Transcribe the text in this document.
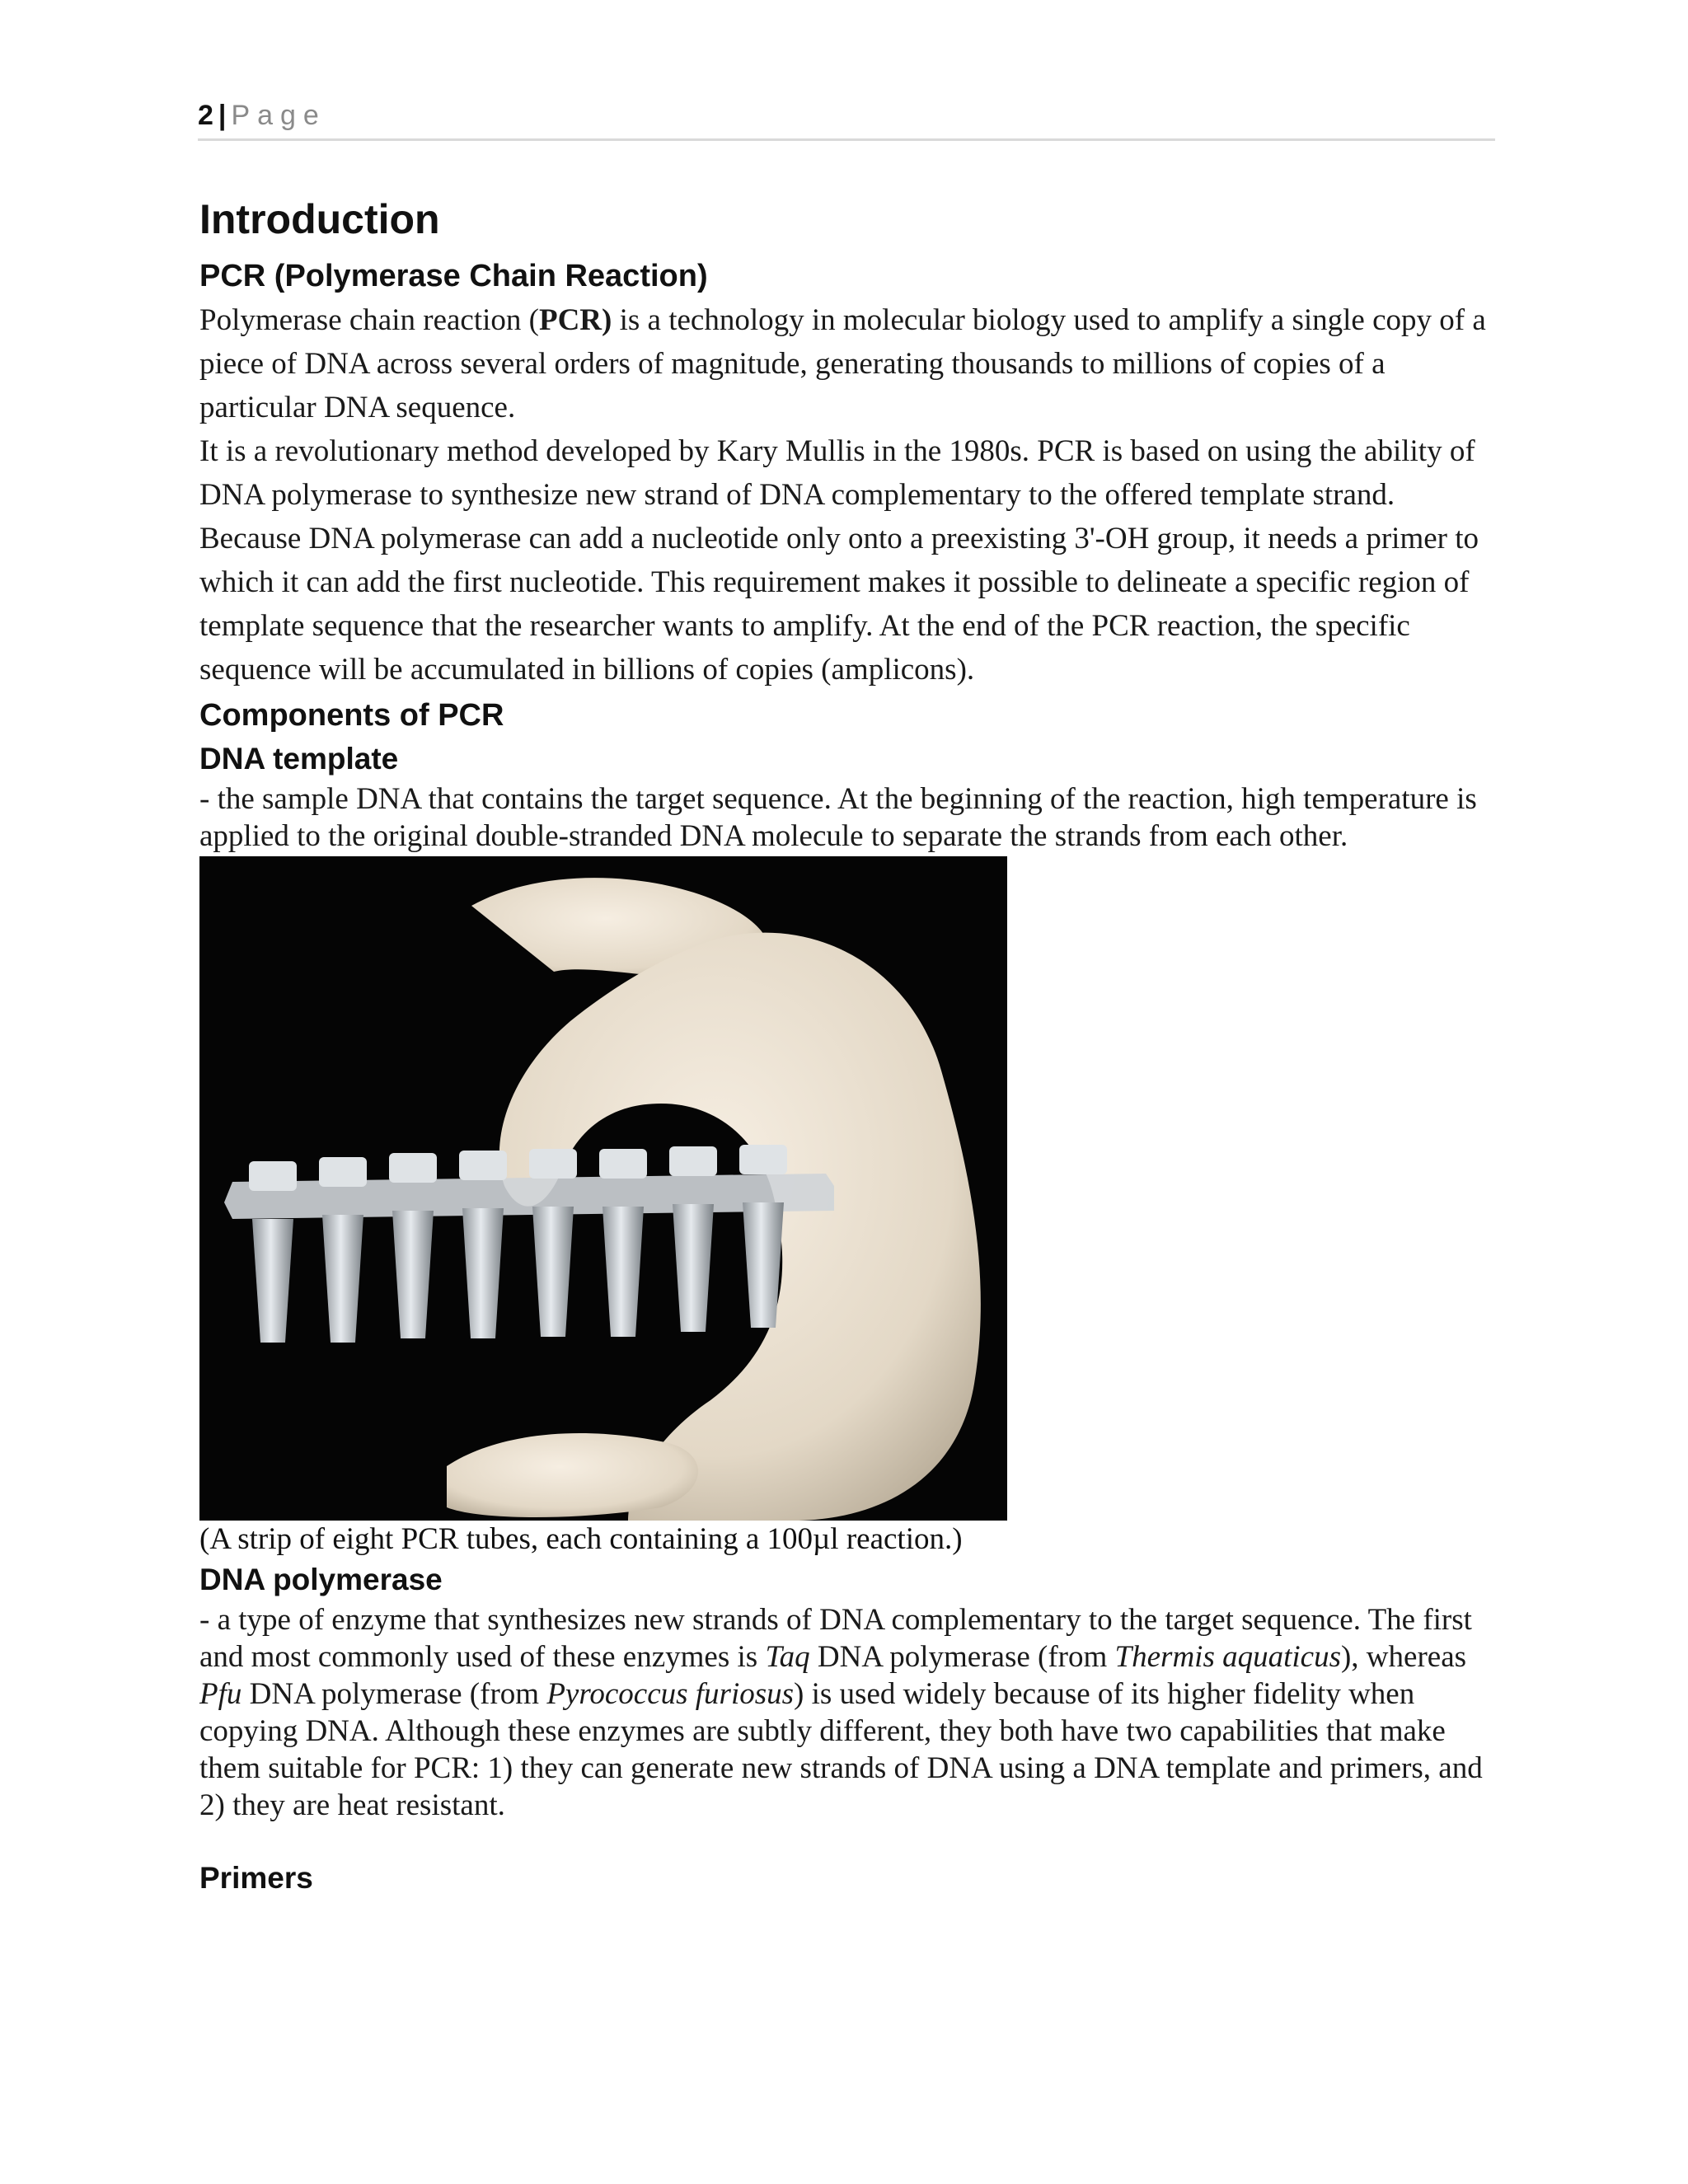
2 | Page
Introduction
PCR (Polymerase Chain Reaction)

Polymerase chain reaction (PCR) is a technology in molecular biology used to amplify a single copy of a piece of DNA across several orders of magnitude, generating thousands to millions of copies of a particular DNA sequence.

It is a revolutionary method developed by Kary Mullis in the 1980s. PCR is based on using the ability of DNA polymerase to synthesize new strand of DNA complementary to the offered template strand. Because DNA polymerase can add a nucleotide only onto a preexisting 3'-OH group, it needs a primer to which it can add the first nucleotide. This requirement makes it possible to delineate a specific region of template sequence that the researcher wants to amplify. At the end of the PCR reaction, the specific sequence will be accumulated in billions of copies (amplicons).

Components of PCR
DNA template

- the sample DNA that contains the target sequence. At the beginning of the reaction, high temperature is applied to the original double-stranded DNA molecule to separate the strands from each other.

(A strip of eight PCR tubes, each containing a 100µl reaction.)

DNA polymerase

- a type of enzyme that synthesizes new strands of DNA complementary to the target sequence. The first and most commonly used of these enzymes is Taq DNA polymerase (from Thermis aquaticus), whereas Pfu DNA polymerase (from Pyrococcus furiosus) is used widely because of its higher fidelity when copying DNA. Although these enzymes are subtly different, they both have two capabilities that make them suitable for PCR: 1) they can generate new strands of DNA using a DNA template and primers, and 2) they are heat resistant.

Primers
